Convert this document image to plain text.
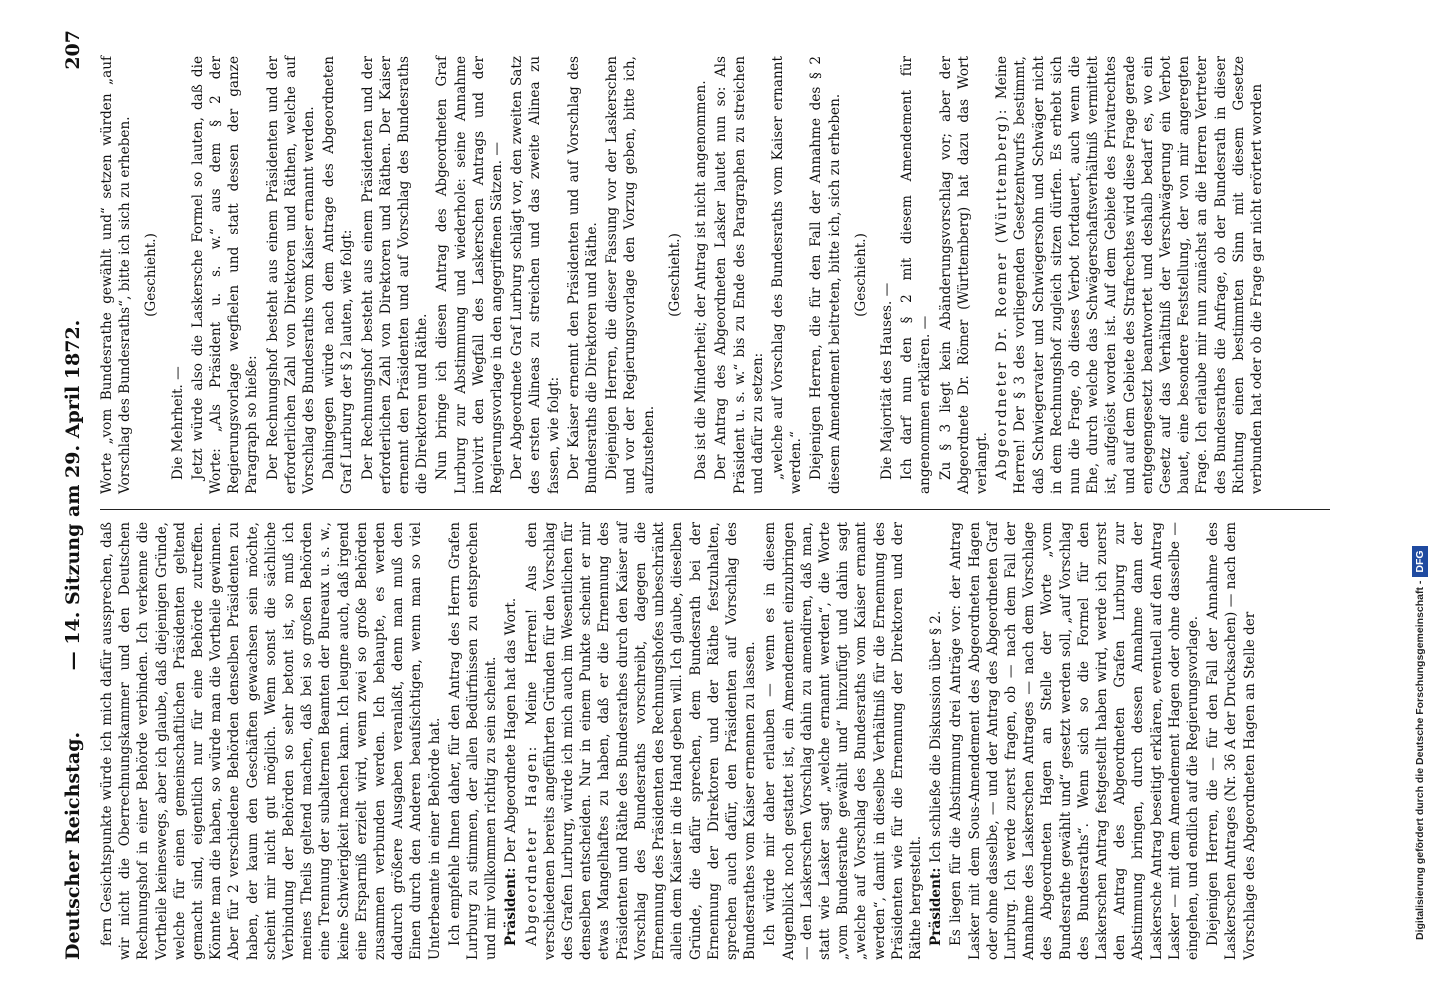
Deutscher Reichstag.
— 14. Sitzung am 29. April 1872.
207

fern Gesichtspunkte würde ich mich dafür aussprechen, daß wir nicht die Oberrechnungskammer und den Deutschen Rechnungshof in einer Behörde verbinden. Ich verkenne die Vortheile keineswegs, aber ich glaube, daß diejenigen Gründe, welche für einen gemeinschaftlichen Präsidenten geltend gemacht sind, eigentlich nur für eine Behörde zutreffen. Könnte man die haben, so würde man die Vortheile gewinnen. Aber für 2 verschiedene Behörden denselben Präsidenten zu haben, der kaum den Geschäften gewachsen sein möchte, scheint mir nicht gut möglich. Wenn sonst die sächliche Verbindung der Behörden so sehr betont ist, so muß ich meines Theils geltend machen, daß bei so großen Behörden eine Trennung der subalternen Beamten der Bureaux u. s. w., keine Schwierigkeit machen kann. Ich leugne auch, daß irgend eine Ersparniß erzielt wird, wenn zwei so große Behörden zusammen verbunden werden. Ich behaupte, es werden dadurch größere Ausgaben veranlaßt, denn man muß den Einen durch den Anderen beaufsichtigen, wenn man so viel Unterbeamte in einer Behörde hat. Ich empfehle Ihnen daher, für den Antrag des Herrn Grafen Lurburg zu stimmen, der allen Bedürfnissen zu entsprechen und mir vollkommen richtig zu sein scheint. Präsident: Der Abgeordnete Hagen hat das Wort. Abgeordneter Hagen: Meine Herren! Aus den verschiedenen bereits angeführten Gründen für den Vorschlag des Grafen Lurburg, würde ich mich auch im Wesentlichen für denselben entscheiden. Nur in einem Punkte scheint er mir etwas Mangelhaftes zu haben, daß er die Ernennung des Präsidenten und Räthe des Bundesrathes durch den Kaiser auf Vorschlag des Bundesraths vorschreibt, dagegen die Ernennung des Präsidenten des Rechnungshofes unbeschränkt allein dem Kaiser in die Hand geben will. Ich glaube, dieselben Gründe, die dafür sprechen, dem Bundesrath bei der Ernennung der Direktoren und der Räthe festzuhalten, sprechen auch dafür, den Präsidenten auf Vorschlag des Bundesrathes vom Kaiser ernennen zu lassen. Ich würde mir daher erlauben — wenn es in diesem Augenblick noch gestattet ist, ein Amendement einzubringen — den Laskerschen Vorschlag dahin zu amendiren, daß man, statt wie Lasker sagt „welche ernannt werden“, die Worte „vom Bundesrathe gewählt und“ hinzufügt und dahin sagt „welche auf Vorschlag des Bundesraths vom Kaiser ernannt werden“, damit in dieselbe Verhältniß für die Ernennung des Präsidenten wie für die Ernennung der Direktoren und der Räthe hergestellt. Präsident: Ich schließe die Diskussion über § 2. Es liegen für die Abstimmung drei Anträge vor: der Antrag Lasker mit dem Sous-Amendement des Abgeordneten Hagen oder ohne dasselbe, — und der Antrag des Abgeordneten Graf Lurburg. Ich werde zuerst fragen, ob — nach dem Fall der Annahme des Laskerschen Antrages — nach dem Vorschlage des Abgeordneten Hagen an Stelle der Worte „vom Bundesrathe gewählt und“ gesetzt werden soll, „auf Vorschlag des Bundesraths“. Wenn sich so die Formel für den Laskerschen Antrag festgestellt haben wird, werde ich zuerst den Antrag des Abgeordneten Grafen Lurburg zur Abstimmung bringen, durch dessen Annahme dann der Laskersche Antrag beseitigt erklären, eventuell auf den Antrag Lasker — mit dem Amendement Hagen oder ohne dasselbe — eingehen, und endlich auf die Regierungsvorlage. Diejenigen Herren, die — für den Fall der Annahme des Laskerschen Antrages (Nr. 36 A der Drucksachen) — nach dem Vorschlage des Abgeordneten Hagen an Stelle der

Worte „vom Bundesrathe gewählt und“ setzen würden „auf Vorschlag des Bundesraths“, bitte ich sich zu erheben. (Geschieht.)

Die Mehrheit. — Jetzt würde also die Laskersche Formel so lauten, daß die Worte: „Als Präsident u. s. w.“ aus dem § 2 der Regierungsvorlage wegfielen und statt dessen der ganze Paragraph so hieße: Der Rechnungshof besteht aus einem Präsidenten und der erforderlichen Zahl von Direktoren und Räthen, welche auf Vorschlag des Bundesraths vom Kaiser ernannt werden. Dahingegen würde nach dem Antrage des Abgeordneten Graf Lurburg der § 2 lauten, wie folgt: Der Rechnungshof besteht aus einem Präsidenten und der erforderlichen Zahl von Direktoren und Räthen. Der Kaiser ernennt den Präsidenten und auf Vorschlag des Bundesraths die Direktoren und Räthe. Nun bringe ich diesen Antrag des Abgeordneten Graf Lurburg zur Abstimmung und wiederhole: seine Annahme involvirt den Wegfall des Laskerschen Antrags und der Regierungsvorlage in den angegriffenen Sätzen. — Der Abgeordnete Graf Lurburg schlägt vor, den zweiten Satz des ersten Alineas zu streichen und das zweite Alinea zu fassen, wie folgt: Der Kaiser ernennt den Präsidenten und auf Vorschlag des Bundesraths die Direktoren und Räthe. Diejenigen Herren, die dieser Fassung vor der Laskerschen und vor der Regierungsvorlage den Vorzug geben, bitte ich, aufzustehen.

(Geschieht.) Das ist die Minderheit; der Antrag ist nicht angenommen. Der Antrag des Abgeordneten Lasker lautet nun so: Als Präsident u. s. w.“ bis zu Ende des Paragraphen zu streichen und dafür zu setzen: „welche auf Vorschlag des Bundesraths vom Kaiser ernannt werden.“ Diejenigen Herren, die für den Fall der Annahme des § 2 diesem Amendement beitreten, bitte ich, sich zu erheben. (Geschieht.)

Die Majorität des Hauses. — Ich darf nun den § 2 mit diesem Amendement für angenommen erklären. — Zu § 3 liegt kein Abänderungsvorschlag vor; aber der Abgeordnete Dr. Römer (Württemberg) hat dazu das Wort verlangt. Abgeordneter Dr. Roemer (Württemberg): Meine Herren! Der § 3 des vorliegenden Gesetzentwurfs bestimmt, daß Schwiegervater und Schwiegersohn und Schwäger nicht in dem Rechnungshof zugleich sitzen dürfen. Es erhebt sich nun die Frage, ob dieses Verbot fortdauert, auch wenn die Ehe, durch welche das Schwägerschaftsverhältniß vermittelt ist, aufgelöst worden ist. Auf dem Gebiete des Privatrechtes und auf dem Gebiete des Strafrechtes wird diese Frage gerade entgegengesetzt beantwortet und deshalb bedarf es, wo ein Gesetz auf das Verhältniß der Verschwägerung ein Verbot bauet, eine besondere Feststellung, der von mir angeregten Frage. Ich erlaube mir nun zunächst an die Herren Vertreter des Bundesrathes die Anfrage, ob der Bundesrath in dieser Richtung einen bestimmten Sinn mit diesem Gesetze verbunden hat oder ob die Frage gar nicht erörtert worden

Digitalisierung gefördert durch die Deutsche Forschungsgemeinschaft -DFG
